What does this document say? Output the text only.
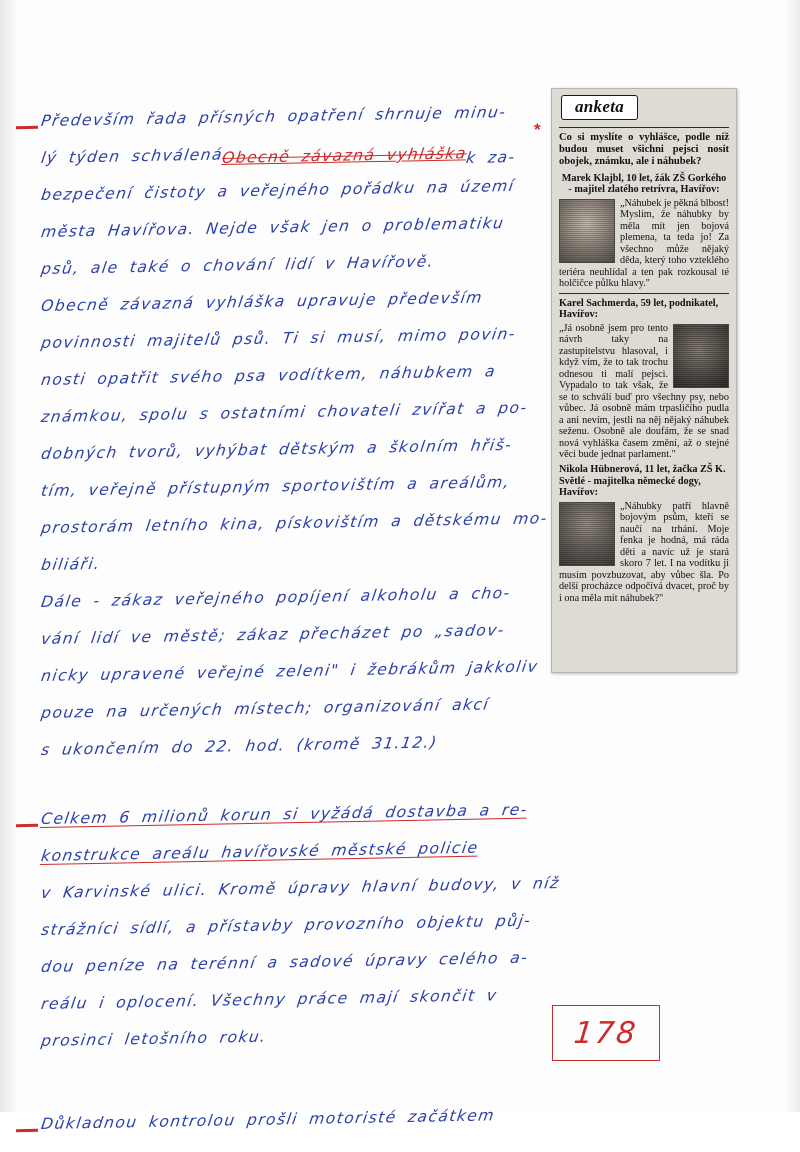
Především řada přísných opatření shrnuje minu-
lý týden schválenáObecně závazná vyhláškak za-
bezpečení čistoty a veřejného pořádku na území
města Havířova. Nejde však jen o problematiku
psů, ale také o chování lidí v Havířově.
Obecně závazná vyhláška upravuje především
povinnosti majitelů psů. Ti si musí, mimo povin-
nosti opatřit svého psa vodítkem, náhubkem a
známkou, spolu s ostatními chovateli zvířat a po-
dobných tvorů, vyhýbat dětským a školním hřiš-
tím, veřejně přístupným sportovištím a areálům,
prostorám letního kina, pískovištím a dětskému mo-
biliáři.
Dále - zákaz veřejného popíjení alkoholu a cho-
vání lidí ve městě; zákaz přecházet po „sadov-
nicky upravené veřejné zeleni" i žebrákům jakkoliv
pouze na určených místech; organizování akcí
s ukončením do 22. hod. (kromě 31.12.)
Celkem 6 milionů korun si vyžádá dostavba a re-
konstrukce areálu havířovské městské policie
v Karvinské ulici. Kromě úpravy hlavní budovy, v níž
strážníci sídlí, a přístavby provozního objektu půj-
dou peníze na terénní a sadové úpravy celého a-
reálu i oplocení. Všechny práce mají skončit v
prosinci letošního roku.
Důkladnou kontrolou prošli motoristé začátkem
*
anketa
Co si myslíte o vyhlášce, podle níž budou muset všichni pejsci nosit obojek, známku, ale i náhubek?
Marek Klajbl, 10 let, žák ZŠ Gorkého - majitel zlatého retrívra, Havířov:
„Náhubek je pěkná blbost! Myslím, že náhubky by měla mít jen bojová plemena, ta teda jo! Za všechno může nějaký děda, který toho vzteklého teriéra neuhlídal a ten pak rozkousal té holčičce půlku hlavy."
Karel Sachmerda, 59 let, podnikatel, Havířov:
„Já osobně jsem pro tento návrh taky na zastupitelstvu hlasoval, i když vím, že to tak trochu odnesou ti malí pejsci. Vypadalo to tak však, že se to schválí buď pro všechny psy, nebo vůbec. Já osobně mám trpasličího pudla a ani nevím, jestli na něj nějaký náhubek seženu. Osobně ale doufám, že se snad nová vyhláška časem změní, až o stejné věci bude jednat parlament."
Nikola Hübnerová, 11 let, žačka ZŠ K. Světlé - majitelka německé dogy, Havířov:
„Náhubky patří hlavně bojovým psům, kteří se naučí na trhání. Moje fenka je hodná, má ráda děti a navíc už je stará skoro 7 let. I na vodítku ji musím povzbuzovat, aby vůbec šla. Po delší procházce odpočívá dvacet, proč by i ona měla mít náhubek?"
178
